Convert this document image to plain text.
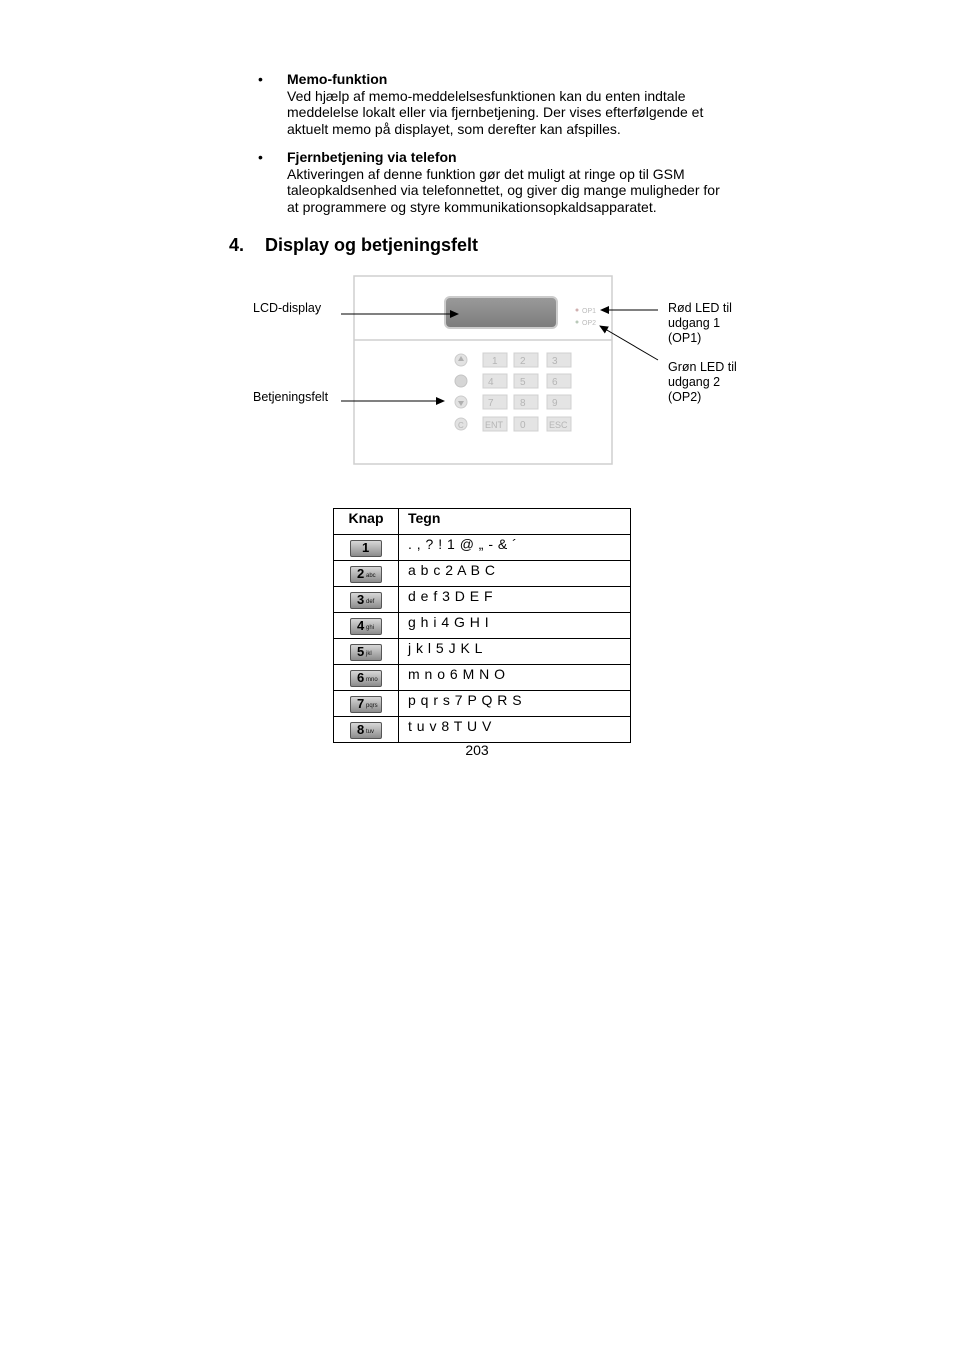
• Memo-funktion
Ved hjælp af memo-meddelelsesfunktionen kan du enten indtale
meddelelse lokalt eller via fjernbetjening. Der vises efterfølgende et
aktuelt memo på displayet, som derefter kan afspilles.
• Fjernbetjening via telefon
Aktiveringen af denne funktion gør det muligt at ringe op til GSM
taleopkaldsenhed via telefonnettet, og giver dig mange muligheder for
at programmere og styre kommunikationsopkaldsapparatet.
4. Display og betjeningsfelt
OP1
OP2
C
1 2	3
4	5	6
7	8	9
ENT 0	ESC
LCD-display
Betjeningsfelt
Rød LED til
udgang 1
(OP1)
Grøn LED til
udgang 2
(OP2)
Knap	Tegn

1	. , ? ! 1 @ „ - & ´

2 abc	a b c 2 A B C

3 def	d e f 3 D E F

4 ghi	g h i 4 G H I

5 jkl	j k l 5 J K L

6 mno	m n o 6 M N O

7 pqrs	p q r s 7 P Q R S

8 tuv	t u v 8 T U V
203
